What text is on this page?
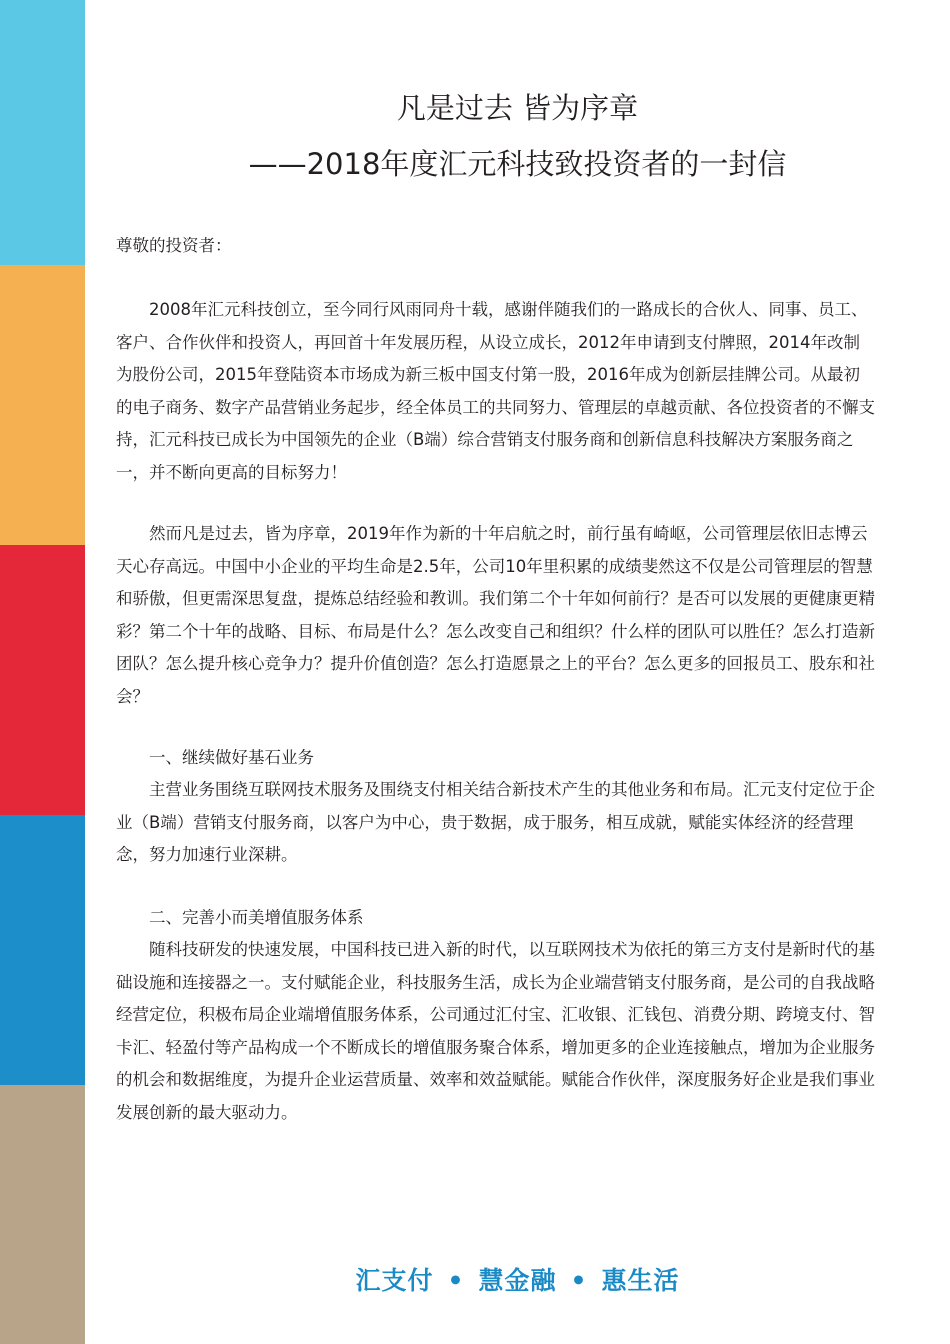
凡是过去 皆为序章
——2018年度汇元科技致投资者的一封信
尊敬的投资者：
2008年汇元科技创立，至今同行风雨同舟十载，感谢伴随我们的一路成长的合伙人、同事、员工、客户、合作伙伴和投资人，再回首十年发展历程，从设立成长，2012年申请到支付牌照，2014年改制为股份公司，2015年登陆资本市场成为新三板中国支付第一股，2016年成为创新层挂牌公司。从最初的电子商务、数字产品营销业务起步，经全体员工的共同努力、管理层的卓越贡献、各位投资者的不懈支持，汇元科技已成长为中国领先的企业（B端）综合营销支付服务商和创新信息科技解决方案服务商之一，并不断向更高的目标努力！
然而凡是过去，皆为序章，2019年作为新的十年启航之时，前行虽有崎岖，公司管理层依旧志博云天心存高远。中国中小企业的平均生命是2.5年，公司10年里积累的成绩斐然这不仅是公司管理层的智慧和骄傲，但更需深思复盘，提炼总结经验和教训。我们第二个十年如何前行？是否可以发展的更健康更精彩？第二个十年的战略、目标、布局是什么？怎么改变自己和组织？什么样的团队可以胜任？怎么打造新团队？怎么提升核心竞争力？提升价值创造？怎么打造愿景之上的平台？怎么更多的回报员工、股东和社会？
一、继续做好基石业务
主营业务围绕互联网技术服务及围绕支付相关结合新技术产生的其他业务和布局。汇元支付定位于企业（B端）营销支付服务商，以客户为中心，贵于数据，成于服务，相互成就，赋能实体经济的经营理念，努力加速行业深耕。
二、完善小而美增值服务体系
随科技研发的快速发展，中国科技已进入新的时代，以互联网技术为依托的第三方支付是新时代的基础设施和连接器之一。支付赋能企业，科技服务生活，成长为企业端营销支付服务商，是公司的自我战略经营定位，积极布局企业端增值服务体系，公司通过汇付宝、汇收银、汇钱包、消费分期、跨境支付、智卡汇、轻盈付等产品构成一个不断成长的增值服务聚合体系，增加更多的企业连接触点，增加为企业服务的机会和数据维度，为提升企业运营质量、效率和效益赋能。赋能合作伙伴，深度服务好企业是我们事业发展创新的最大驱动力。
汇支付 • 慧金融 • 惠生活
